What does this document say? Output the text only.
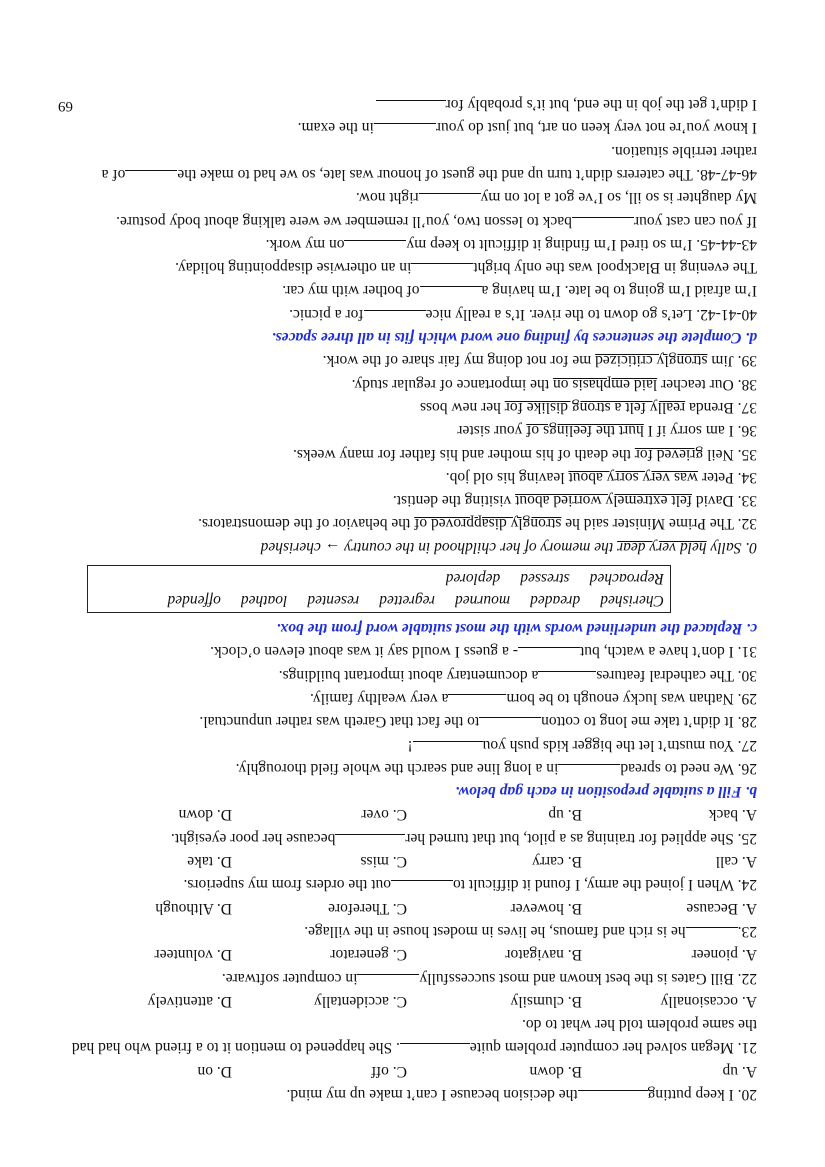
20. I keep puttingthe decision because I can’t make up my mind.
A. up
B. down
C. off
D. on
21. Megan solved her computer problem quite. She happened to mention it to a friend who had had
the same problem told her what to do.
A. occasionally
B. clumsily
C. accidentally
D. attentively
22. Bill Gates is the best known and most successfullyin computer software.
A. pioneer
B. navigator
C. generator
D. volunteer
23.he is rich and famous, he lives in modest house in the village.
A. Because
B. however
C. Therefore
D. Although
24. When I joined the army, I found it difficult toout the orders from my superiors.
A. call
B. carry
C. miss
D. take
25. She applied for training as a pilot, but that turned herbecause her poor eyesight.
A. back
B. up
C. over
D. down
b. Fill a suitable preposition in each gap below.
26. We need to spreadin a long line and search the whole field thoroughly.
27. You mustn’t let the bigger kids push you!
28. It didn’t take me long to cottonto the fact that Gareth was rather unpunctual.
29. Nathan was lucky enough to be borna very wealthy family.
30. The cathedral featuresa documentary about important buildings.
31. I don’t have a watch, but- a guess I would say it was about eleven o’clock.
c. Replaced the underlined words with the most suitable word from the box.
Cherished
dreaded
mourned
regretted
resented
loathed
offended
Reproached
stressed
deplored
0. Sally held very dear the memory of her childhood in the country → cherished
32. The Prime Minister said he strongly disapproved of the behavior of the demonstrators.
33. David felt extremely worried about visiting the dentist.
34. Peter was very sorry about leaving his old job.
35. Neil grieved for the death of his mother and his father for many weeks.
36. I am sorry if I hurt the feelings of your sister
37. Brenda really felt a strong dislike for her new boss
38. Our teacher laid emphasis on the importance of regular study.
39. Jim strongly criticized me for not doing my fair share of the work.
d. Complete the sentences by finding one word which fits in all three spaces.
40-41-42. Let’s go down to the river. It’s a really nicefor a picnic.
I’m afraid I’m going to be late. I’m having aof bother with my car.
The evening in Blackpool was the only brightin an otherwise disappointing holiday.
43-44-45. I’m so tired I’m finding it difficult to keep myon my work.
If you can cast yourback to lesson two, you’ll remember we were talking about body posture.
My daughter is so ill, so I’ve got a lot on myright now.
46-47-48. The caterers didn’t turn up and the guest of honour was late, so we had to make theof a
rather terrible situation.
I know you’re not very keen on art, but just do yourin the exam.
I didn’t get the job in the end, but it’s probably for
69
